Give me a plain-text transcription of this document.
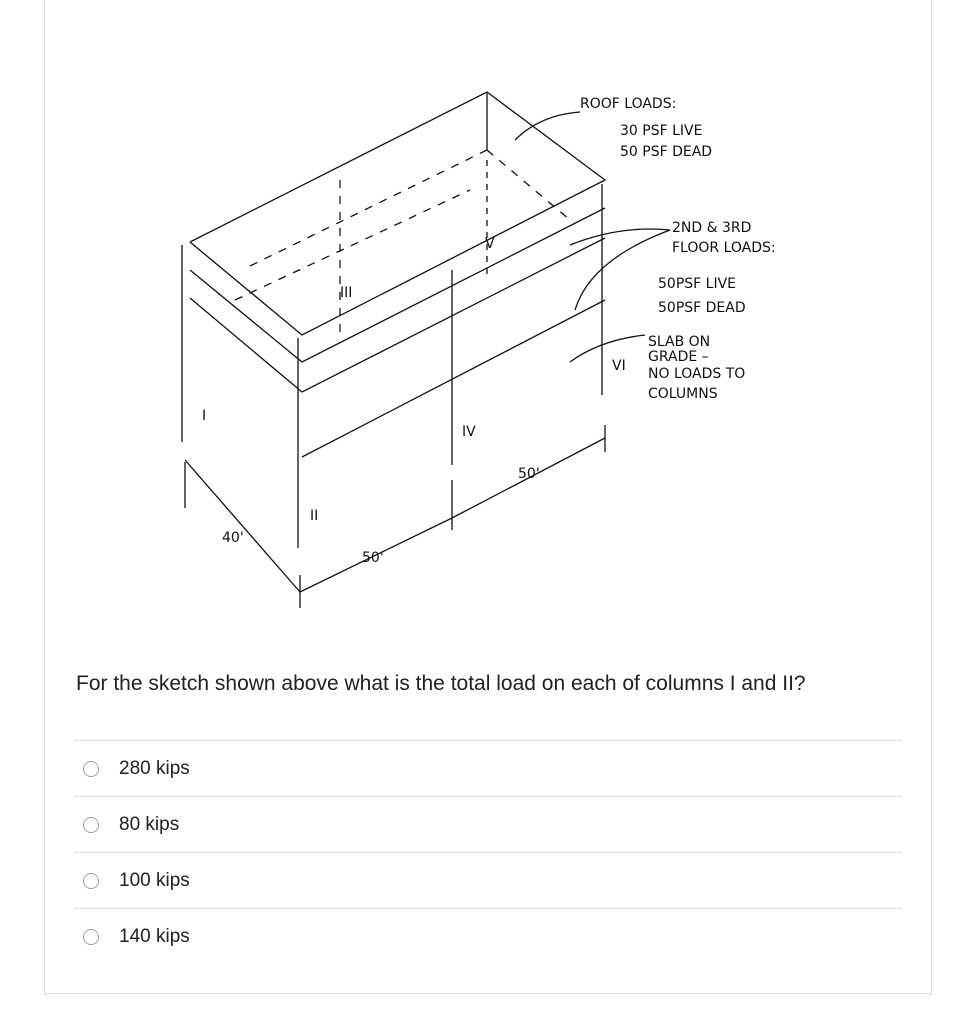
ROOF LOADS:
30 PSF LIVE
50 PSF DEAD
2ND & 3RD
FLOOR LOADS:
50PSF LIVE
50PSF DEAD
SLAB ON
GRADE –
NO LOADS TO
COLUMNS
I
II
III
IV
V
VI
40'
50'
50'
For the sketch shown above what is the total load on each of columns I and II?
280 kips
80 kips
100 kips
140 kips
